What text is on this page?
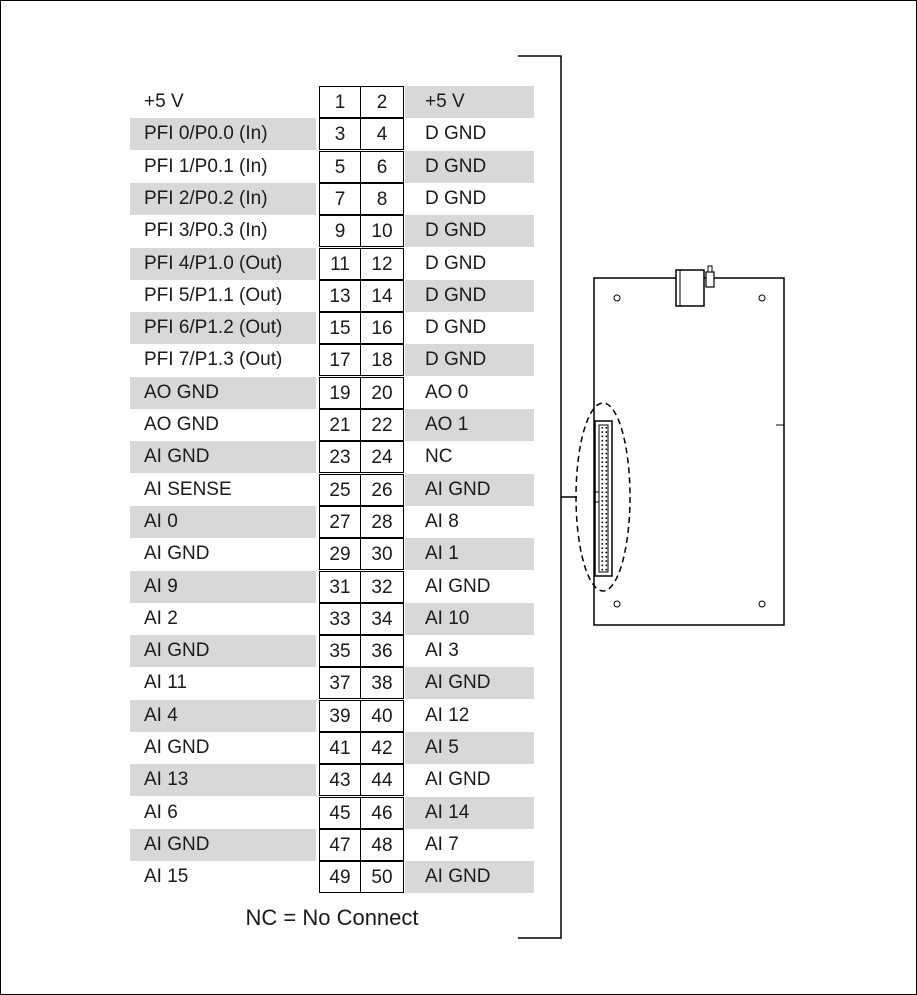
+5 V	1	2	+5 V
PFI 0/P0.0 (In)	3	4	D GND
PFI 1/P0.1 (In)	5	6	D GND
PFI 2/P0.2 (In)	7	8	D GND
PFI 3/P0.3 (In)	9	10	D GND
PFI 4/P1.0 (Out)	11	12	D GND
PFI 5/P1.1 (Out)	13	14	D GND
PFI 6/P1.2 (Out)	15	16	D GND
PFI 7/P1.3 (Out)	17	18	D GND
AO GND	19	20	AO 0
AO GND	21	22	AO 1
AI GND	23	24	NC
AI SENSE	25	26	AI GND
AI 0	27	28	AI 8
AI GND	29	30	AI 1
AI 9	31	32	AI GND
AI 2	33	34	AI 10
AI GND	35	36	AI 3
AI 11	37	38	AI GND
AI 4	39	40	AI 12
AI GND	41	42	AI 5
AI 13	43	44	AI GND
AI 6	45	46	AI 14
AI GND	47	48	AI 7
AI 15	49	50	AI GND
NC = No Connect
